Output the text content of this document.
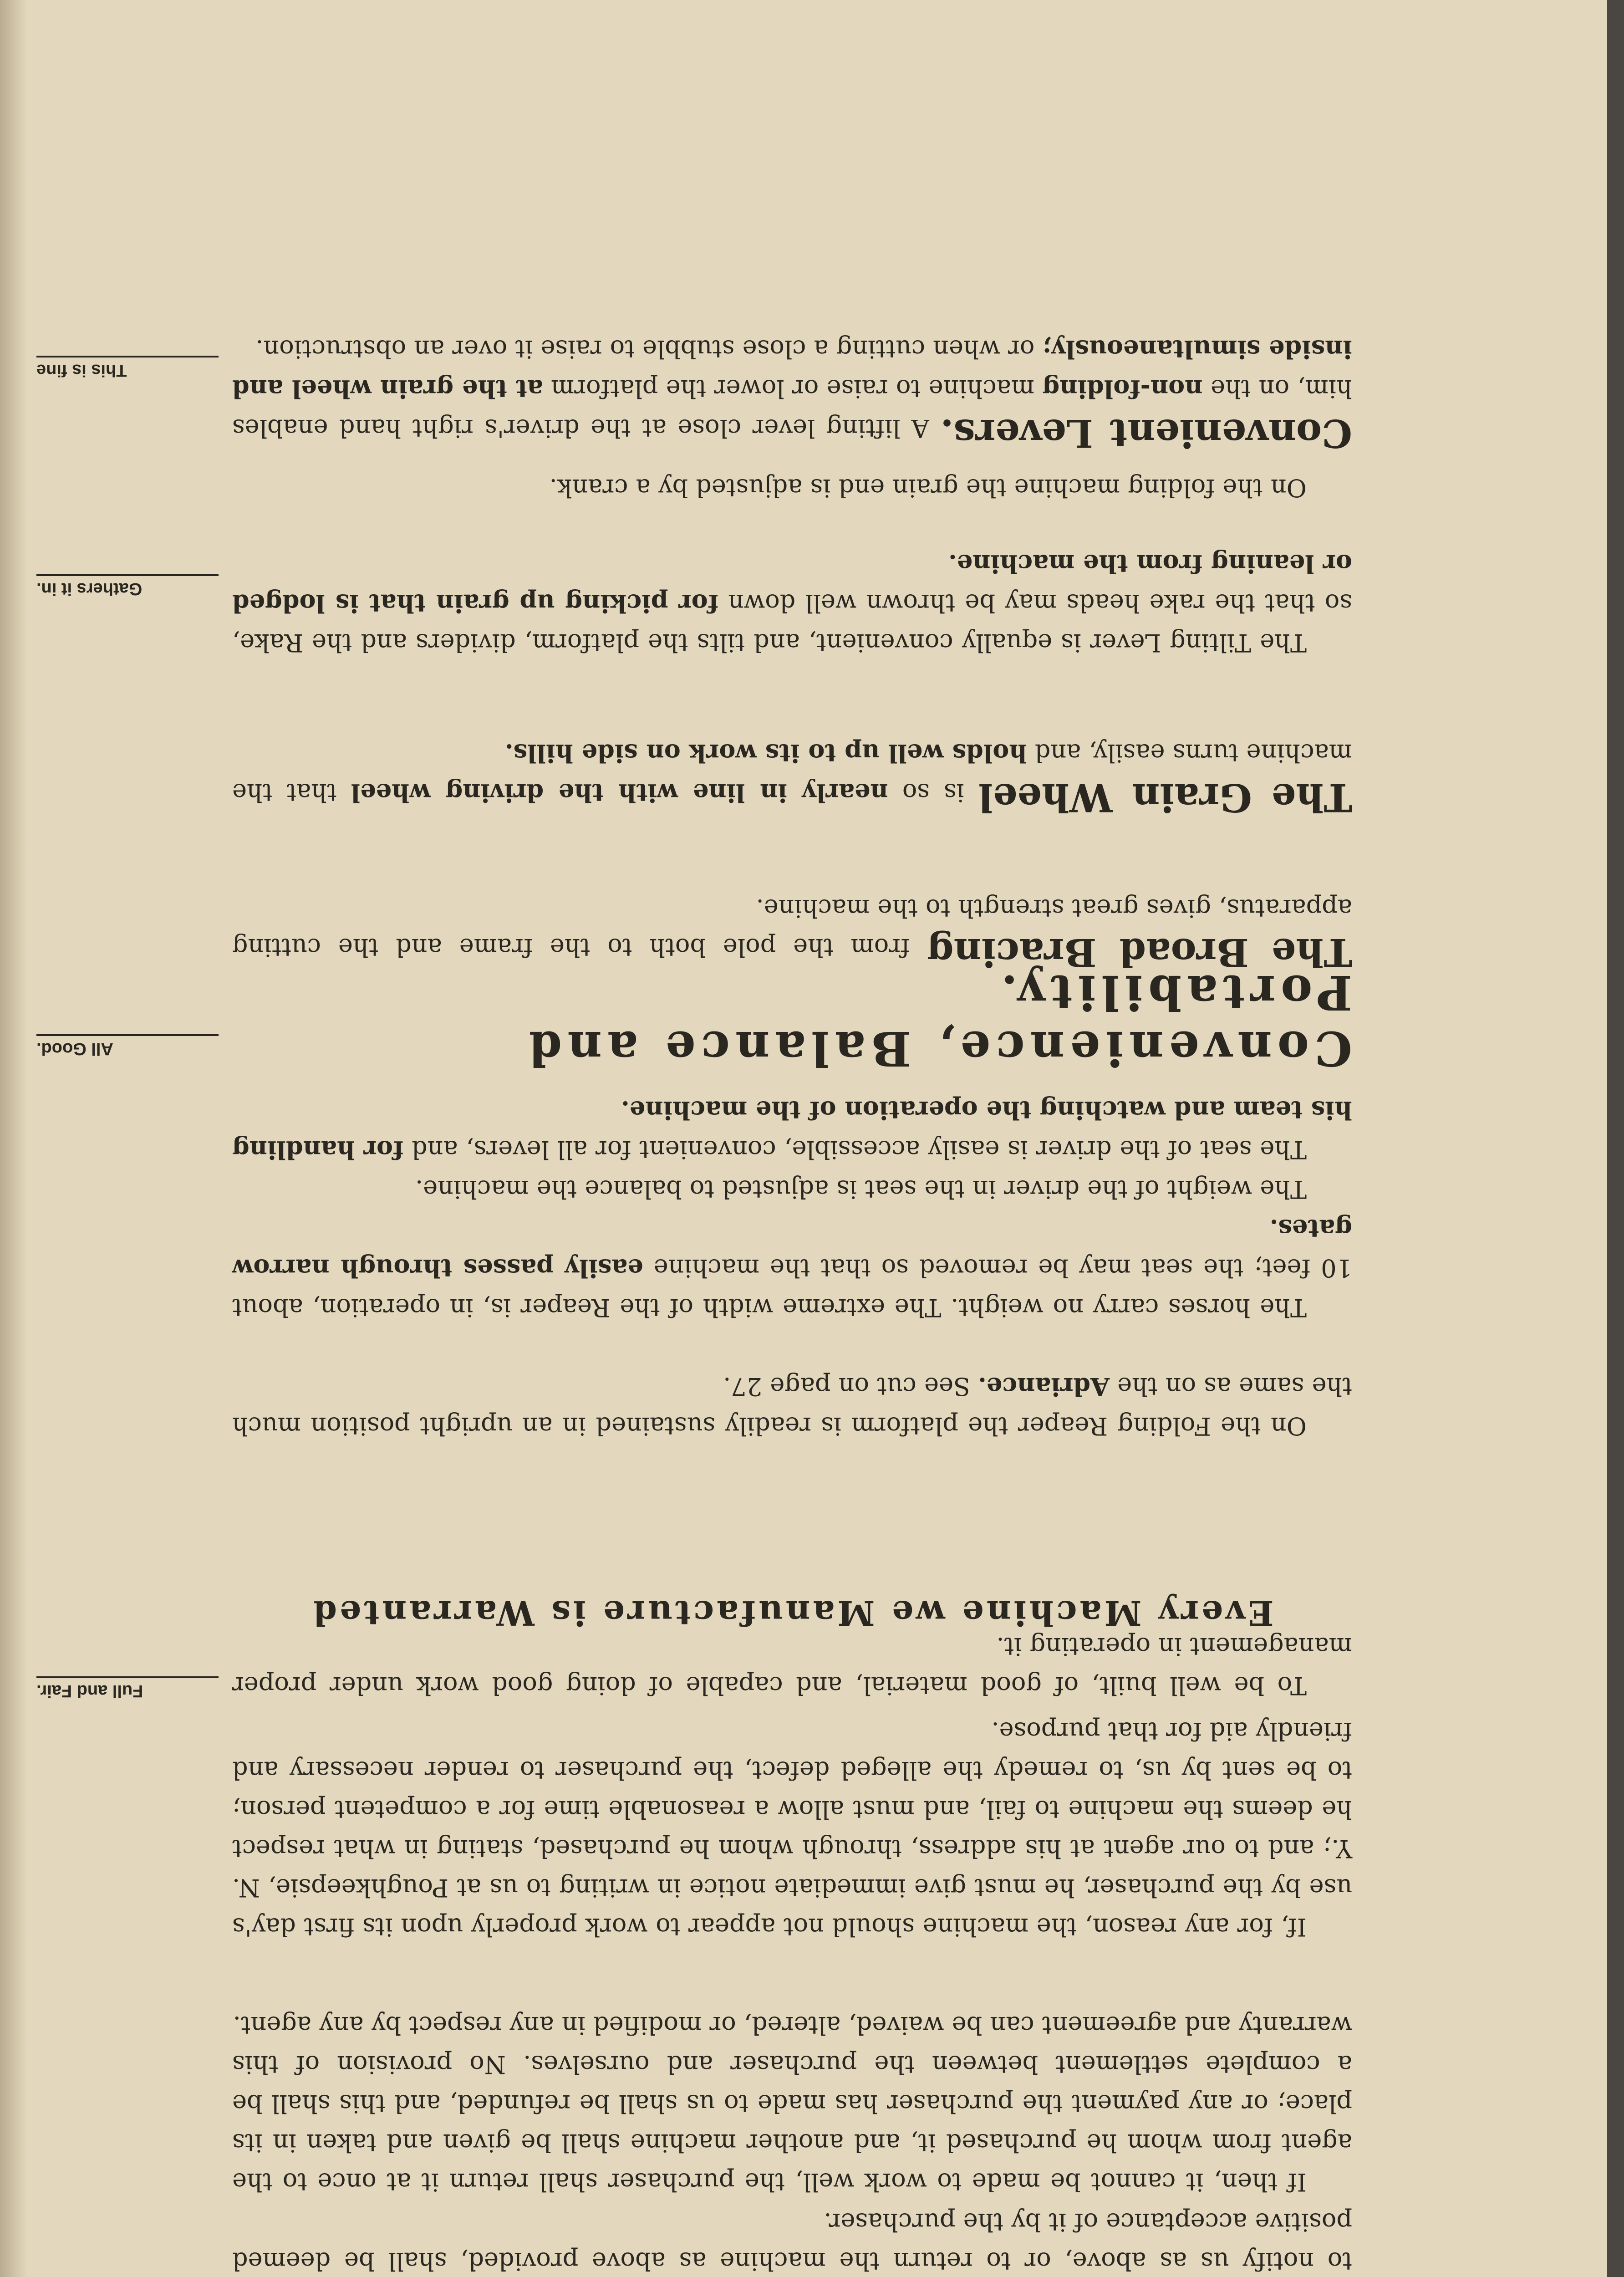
to notify us as above, or to return the machine as above provided, shall be deemed positive acceptance of it by the purchaser.

If then, it cannot be made to work well, the purchaser shall return it at once to the agent from whom he purchased it, and another machine shall be given and taken in its place; or any payment the purchaser has made to us shall be refunded, and this shall be a complete settlement between the purchaser and ourselves. No provision of this warranty and agreement can be waived, altered, or modified in any respect by any agent.

If, for any reason, the machine should not appear to work properly upon its first day's use by the purchaser, he must give immediate notice in writing to us at Poughkeepsie, N. Y.; and to our agent at his address, through whom he purchased, stating in what respect he deems the machine to fail, and must allow a reasonable time for a competent person; to be sent by us, to remedy the alleged defect, the purchaser to render necessary and friendly aid for that purpose.

To be well built, of good material, and capable of doing good work under proper management in operating it.

Full and Fair.
Every Machine we Manufacture is Warranted

On the Folding Reaper the platform is readily sustained in an upright position much the same as on the Adriance. See cut on page 27.

The horses carry no weight. The extreme width of the Reaper is, in operation, about 10 feet; the seat may be removed so that the machine easily passes through narrow gates.

The weight of the driver in the seat is adjusted to balance the machine.

The seat of the driver is easily accessible, convenient for all levers, and for handling his team and watching the operation of the machine.

Convenience, Balance and Portability.
All Good.

The Broad Bracing from the pole both to the frame and the cutting apparatus, gives great strength to the machine.

The Grain Wheel is so nearly in line with the driving wheel that the machine turns easily, and holds well up to its work on side hills.

The Tilting Lever is equally convenient, and tilts the platform, dividers and the Rake, so that the rake heads may be thrown well down for picking up grain that is lodged or leaning from the machine.

Gathers it in.

On the folding machine the grain end is adjusted by a crank.

Convenient Levers. A lifting lever close at the driver's right hand enables him, on the non-folding machine to raise or lower the platform at the grain wheel and inside simultaneously; or when cutting a close stubble to raise it over an obstruction.

This is fine
